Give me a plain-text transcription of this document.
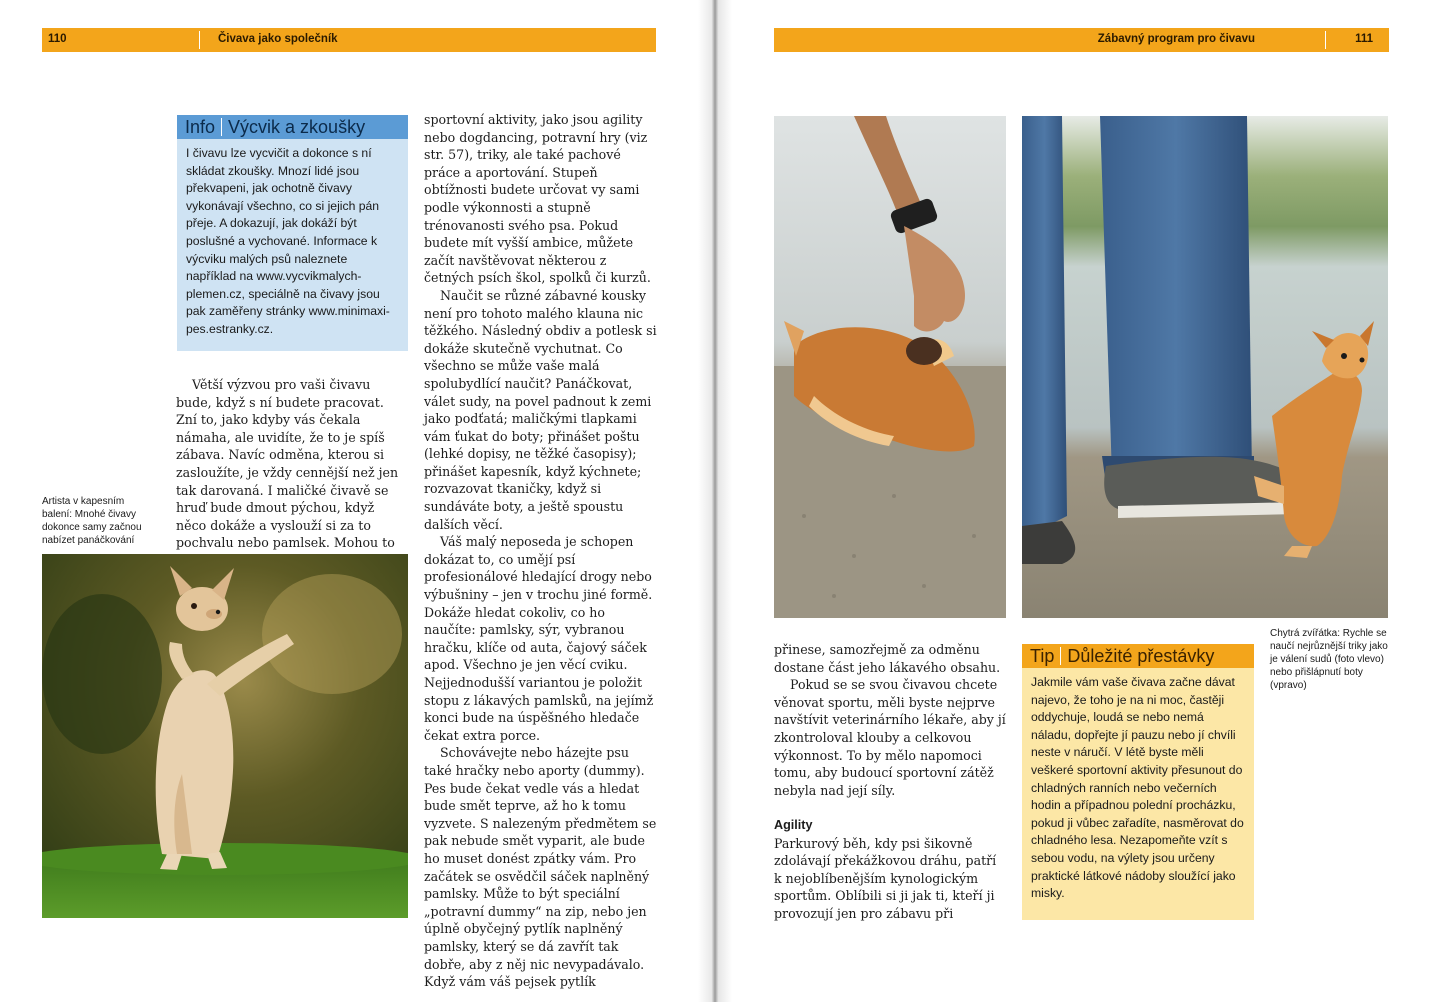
110	Čivava jako společník
Info Výcvik a zkoušky
I čivavu lze vycvičit a dokonce s ní skládat zkoušky. Mnozí lidé jsou překvapeni, jak ochotně čivavy vykonávají všechno, co si jejich pán přeje. A dokazují, jak dokáží být poslušné a vychované. Informace k výcviku malých psů naleznete například na www.vycvikmalych-plemen.cz, speciálně na čivavy jsou pak zaměřeny stránky www.minimaxi-pes.estranky.cz.

Větší výzvou pro vaši čivavu bude, když s ní budete pracovat. Zní to, jako kdyby vás čekala námaha, ale uvidíte, že to je spíš zábava. Navíc odměna, kterou si zasloužíte, je vždy cennější než jen tak darovaná. I maličké čivavě se hruď bude dmout pýchou, když něco dokáže a vyslouží si za to pochvalu nebo pamlsek. Mohou to

Artista v kapesním balení: Mnohé čivavy dokonce samy začnou nabízet panáčkování

sportovní aktivity, jako jsou agility nebo dogdancing, potravní hry (viz str. 57), triky, ale také pachové práce a aportování. Stupeň obtížnosti budete určovat vy sami podle výkonnosti a stupně trénovanosti svého psa. Pokud budete mít vyšší ambice, můžete začít navštěvovat některou z četných psích škol, spolků či kurzů.

Naučit se různé zábavné kousky není pro tohoto malého klauna nic těžkého. Následný obdiv a potlesk si dokáže skutečně vychutnat. Co všechno se může vaše malá spolubydlící naučit? Panáčkovat, válet sudy, na povel padnout k zemi jako podťatá; maličkými tlapkami vám ťukat do boty; přinášet poštu (lehké dopisy, ne těžké časopisy); přinášet kapesník, když kýchnete; rozvazovat tkaničky, když si sundáváte boty, a ještě spoustu dalších věcí.

Váš malý neposeda je schopen dokázat to, co umějí psí profesionálové hledající drogy nebo výbušniny – jen v trochu jiné formě. Dokáže hledat cokoliv, co ho naučíte: pamlsky, sýr, vybranou hračku, klíče od auta, čajový sáček apod. Všechno je jen věcí cviku. Nejjednodušší variantou je položit stopu z lákavých pamlsků, na jejímž konci bude na úspěšného hledače čekat extra porce.

Schovávejte nebo házejte psu také hračky nebo aporty (dummy). Pes bude čekat vedle vás a hledat bude smět teprve, až ho k tomu vyzvete. S nalezeným předmětem se pak nebude smět vyparit, ale bude ho muset donést zpátky vám. Pro začátek se osvědčil sáček naplněný pamlsky. Může to být speciální „potravní dummy“ na zip, nebo jen úplně obyčejný pytlík naplněný pamlsky, který se dá zavřít tak dobře, aby z něj nic nevypadávalo. Když vám váš pejsek pytlík

Zábavný program pro čivavu	111
Chytrá zvířátka: Rychle se naučí nejrůznější triky jako je válení sudů (foto vlevo) nebo přišlápnutí boty (vpravo)

přinese, samozřejmě za odměnu dostane část jeho lákavého obsahu.

Pokud se se svou čivavou chcete věnovat sportu, měli byste nejprve navštívit veterinárního lékaře, aby jí zkontroloval klouby a celkovou výkonnost. To by mělo napomoci tomu, aby budoucí sportovní zátěž nebyla nad její síly.

Agility

Parkurový běh, kdy psi šikovně zdolávají překážkovou dráhu, patří k nejoblíbenějším kynologickým sportům. Oblíbili si ji jak ti, kteří ji provozují jen pro zábavu při

Tip Důležité přestávky
Jakmile vám vaše čivava začne dávat najevo, že toho je na ni moc, častěji oddychuje, loudá se nebo nemá náladu, dopřejte jí pauzu nebo jí chvíli neste v náručí. V létě byste měli veškeré sportovní aktivity přesunout do chladných ranních nebo večerních hodin a případnou polední procházku, pokud ji vůbec zařadíte, nasměrovat do chladného lesa. Nezapomeňte vzít s sebou vodu, na výlety jsou určeny praktické látkové nádoby sloužící jako misky.
